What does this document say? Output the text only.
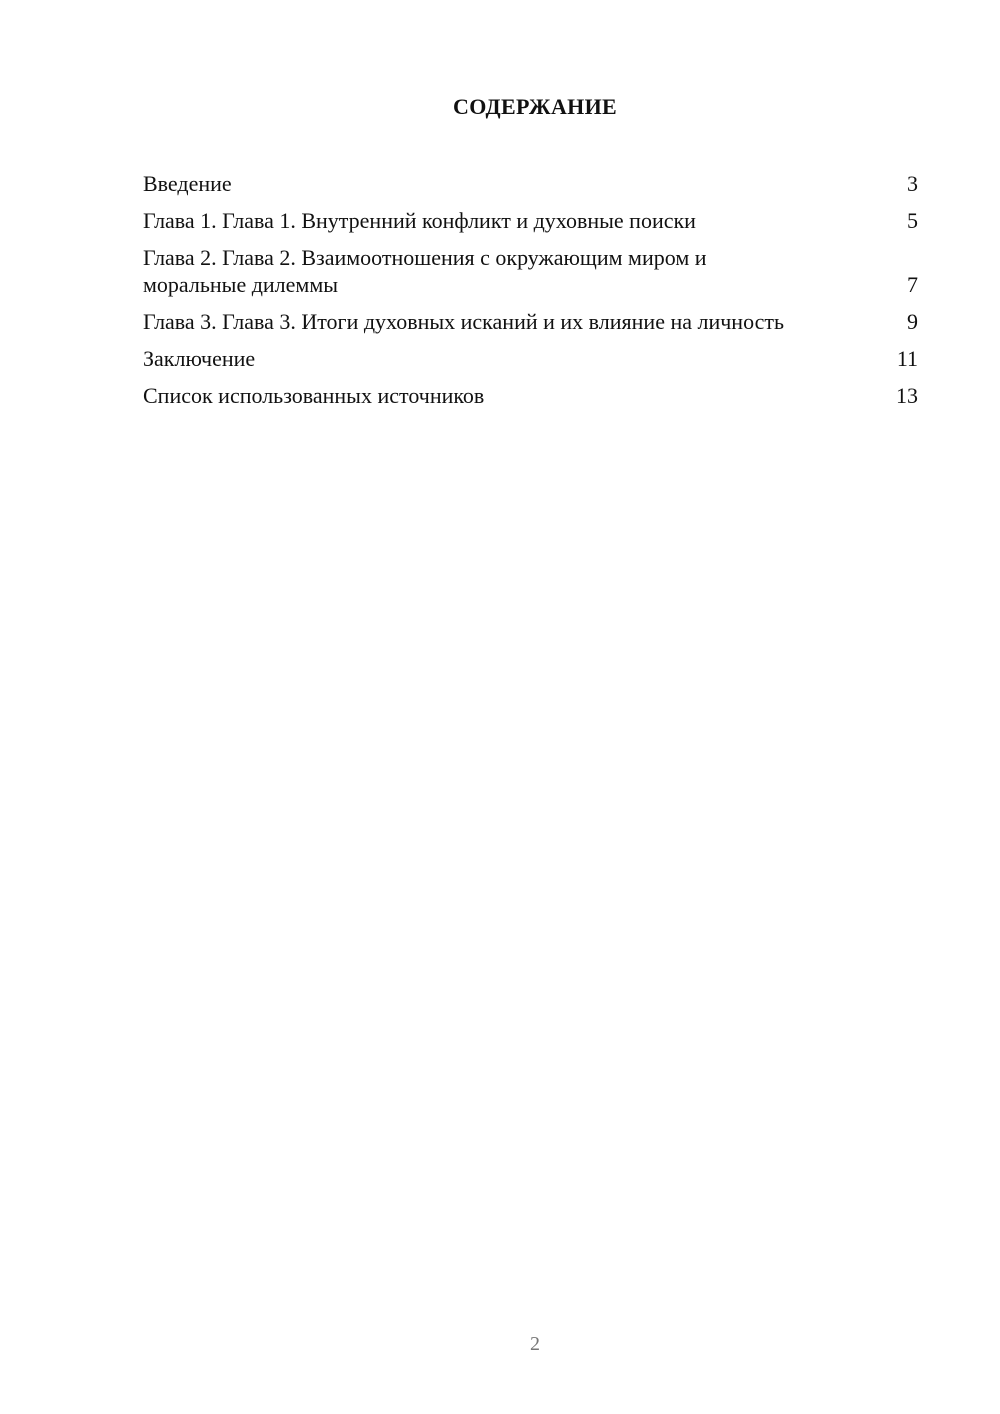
СОДЕРЖАНИЕ
Введение	3
Глава 1. Глава 1. Внутренний конфликт и духовные поиски	5
Глава 2. Глава 2. Взаимоотношения с окружающим миром и моральные дилеммы	7
Глава 3. Глава 3. Итоги духовных исканий и их влияние на личность	9
Заключение	11
Список использованных источников	13
2
